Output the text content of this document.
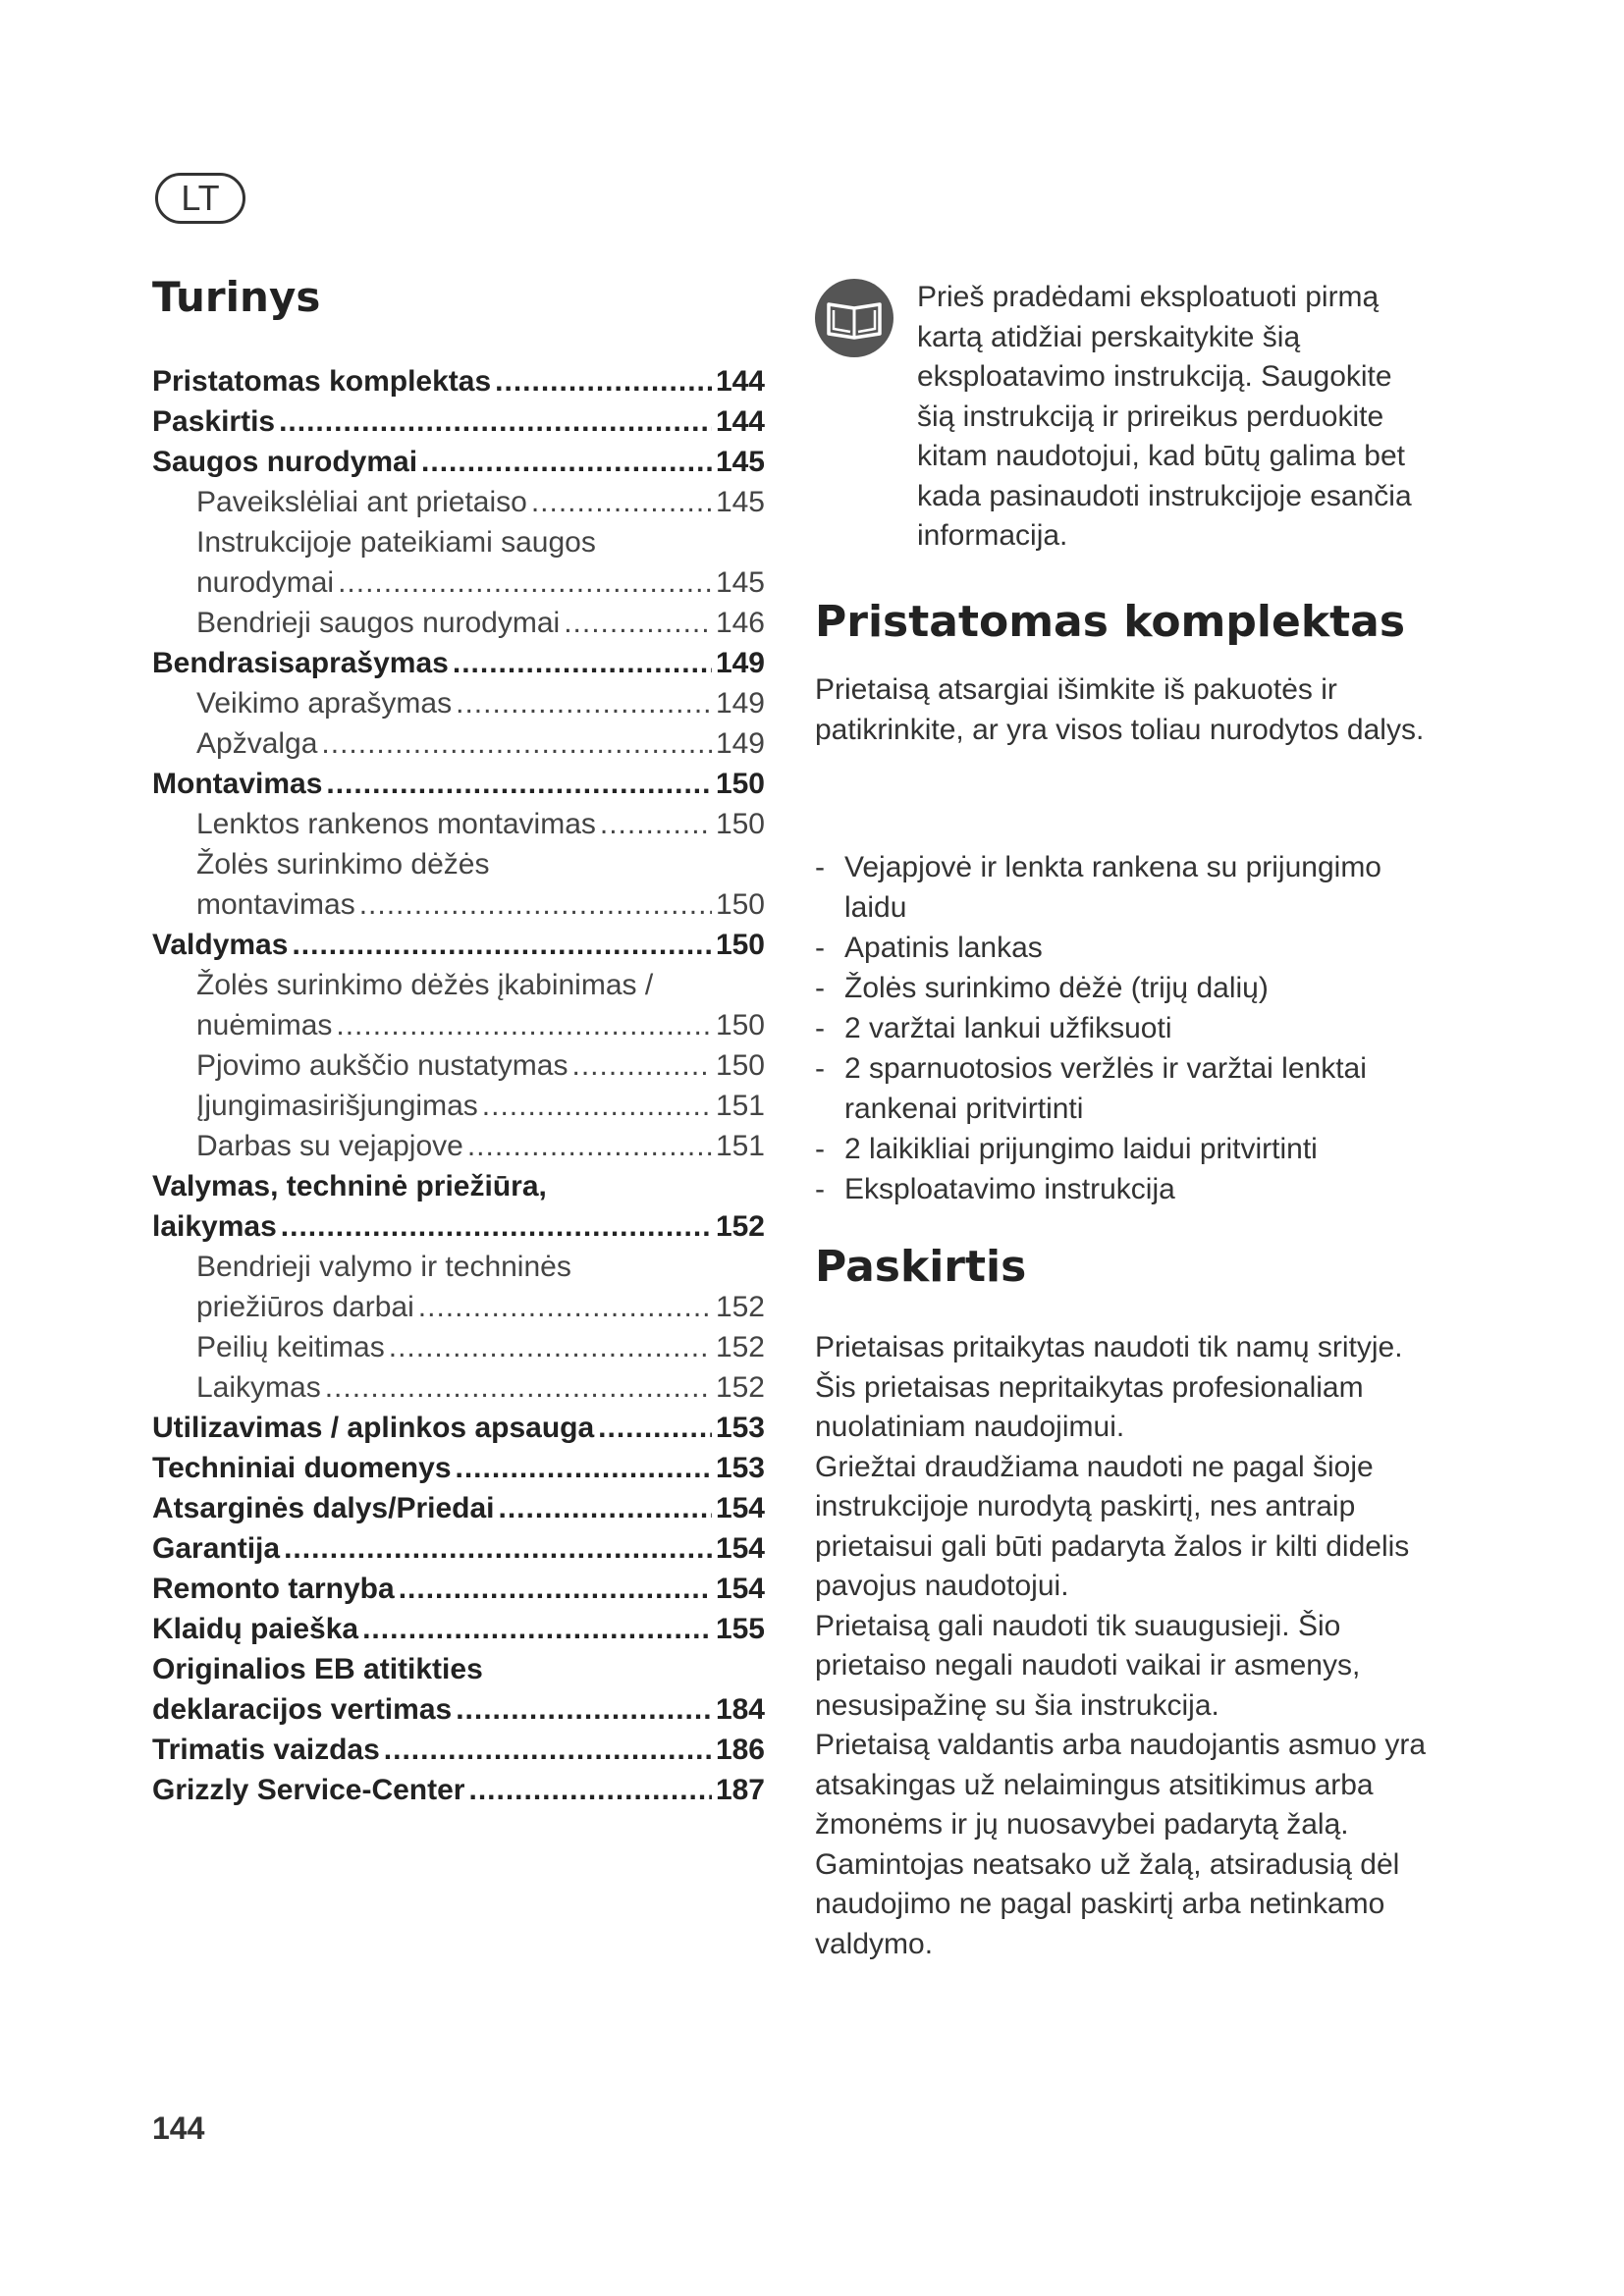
LT
Turinys
Pristatomas komplektas .....	144
Paskirtis .....	144
Saugos nurodymai .....	145
Paveikslėliai ant prietaiso .....	145
Instrukcijoje pateikiami saugos
nurodymai .....	145
Bendrieji saugos nurodymai .....	146
Bendrasisaprašymas .....	149
Veikimo aprašymas .....	149
Apžvalga .....	149
Montavimas .....	150
Lenktos rankenos montavimas .....	150
Žolės surinkimo dėžės
montavimas .....	150
Valdymas .....	150
Žolės surinkimo dėžės įkabinimas /
nuėmimas .....	150
Pjovimo aukščio nustatymas .....	150
Įjungimasirišjungimas .....	151
Darbas su vejapjove .....	151
Valymas, techninė priežiūra,
laikymas .....	152
Bendrieji valymo ir techninės
priežiūros darbai .....	152
Peilių keitimas .....	152
Laikymas .....	152
Utilizavimas / aplinkos apsauga .....	153
Techniniai duomenys .....	153
Atsarginės dalys/Priedai .....	154
Garantija .....	154
Remonto tarnyba .....	154
Klaidų paieška .....	155
Originalios EB atitikties
deklaracijos vertimas .....	184
Trimatis vaizdas .....	186
Grizzly Service-Center .....	187
Prieš pradėdami eksploatuoti pirmą kartą atidžiai perskaitykite šią eksploatavimo instrukciją. Saugokite šią instrukciją ir prireikus perduokite kitam naudotojui, kad būtų galima bet kada pasinaudoti instrukcijoje esančia informacija.
Pristatomas komplektas

Prietaisą atsargiai išimkite iš pakuotės ir patikrinkite, ar yra visos toliau nurodytos dalys.

- Vejapjovė ir lenkta rankena su prijungimo laidu
- Apatinis lankas
- Žolės surinkimo dėžė (trijų dalių)
- 2 varžtai lankui užfiksuoti
- 2 sparnuotosios veržlės ir varžtai lenktai rankenai pritvirtinti
- 2 laikikliai prijungimo laidui pritvirtinti
- Eksploatavimo instrukcija
Paskirtis
Prietaisas pritaikytas naudoti tik namų srityje. Šis prietaisas nepritaikytas profesionaliam nuolatiniam naudojimui.
Griežtai draudžiama naudoti ne pagal šioje instrukcijoje nurodytą paskirtį, nes antraip prietaisui gali būti padaryta žalos ir kilti didelis pavojus naudotojui.
Prietaisą gali naudoti tik suaugusieji. Šio prietaiso negali naudoti vaikai ir asmenys, nesusipažinę su šia instrukcija.
Prietaisą valdantis arba naudojantis asmuo yra atsakingas už nelaimingus atsitikimus arba žmonėms ir jų nuosavybei padarytą žalą.
Gamintojas neatsako už žalą, atsiradusią dėl naudojimo ne pagal paskirtį arba netinkamo valdymo.
144
